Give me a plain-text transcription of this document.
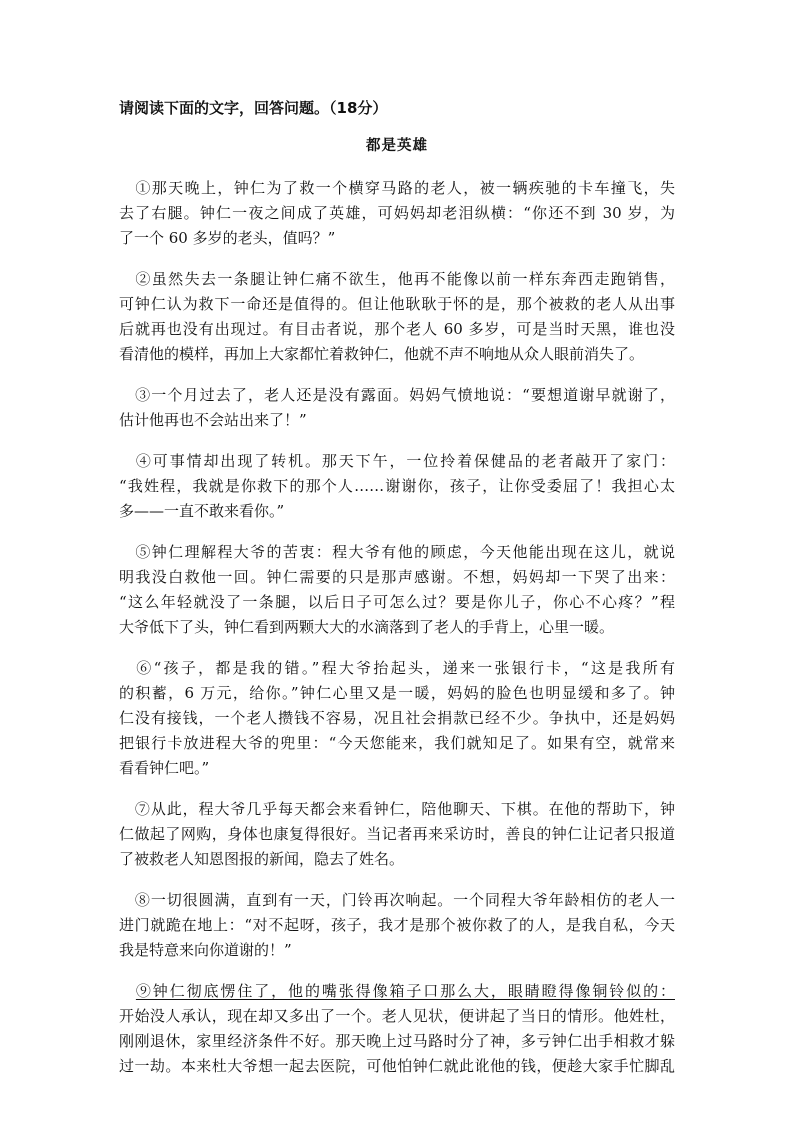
请阅读下面的文字，回答问题。（18分）
都是英雄
　①那天晚上，钟仁为了救一个横穿马路的老人，被一辆疾驰的卡车撞飞，失
去了右腿。钟仁一夜之间成了英雄，可妈妈却老泪纵横：“你还不到 30 岁，为
了一个 60 多岁的老头，值吗？”
　②虽然失去一条腿让钟仁痛不欲生，他再不能像以前一样东奔西走跑销售，
可钟仁认为救下一命还是值得的。但让他耿耿于怀的是，那个被救的老人从出事
后就再也没有出现过。有目击者说，那个老人 60 多岁，可是当时天黑，谁也没
看清他的模样，再加上大家都忙着救钟仁，他就不声不响地从众人眼前消失了。
　③一个月过去了，老人还是没有露面。妈妈气愤地说：“要想道谢早就谢了，
估计他再也不会站出来了！”
　④可事情却出现了转机。那天下午，一位拎着保健品的老者敲开了家门：
“我姓程，我就是你救下的那个人……谢谢你，孩子，让你受委屈了！我担心太
多——一直不敢来看你。”
　⑤钟仁理解程大爷的苦衷：程大爷有他的顾虑，今天他能出现在这儿，就说
明我没白救他一回。钟仁需要的只是那声感谢。不想，妈妈却一下哭了出来：
“这么年轻就没了一条腿，以后日子可怎么过？要是你儿子，你心不心疼？”程
大爷低下了头，钟仁看到两颗大大的水滴落到了老人的手背上，心里一暖。
　⑥“孩子，都是我的错。”程大爷抬起头，递来一张银行卡，“这是我所有
的积蓄，6 万元，给你。”钟仁心里又是一暖，妈妈的脸色也明显缓和多了。钟
仁没有接钱，一个老人攒钱不容易，况且社会捐款已经不少。争执中，还是妈妈
把银行卡放进程大爷的兜里：“今天您能来，我们就知足了。如果有空，就常来
看看钟仁吧。”
　⑦从此，程大爷几乎每天都会来看钟仁，陪他聊天、下棋。在他的帮助下，钟
仁做起了网购，身体也康复得很好。当记者再来采访时，善良的钟仁让记者只报道
了被救老人知恩图报的新闻，隐去了姓名。
　⑧一切很圆满，直到有一天，门铃再次响起。一个同程大爷年龄相仿的老人一
进门就跪在地上：“对不起呀，孩子，我才是那个被你救了的人，是我自私，今天
我是特意来向你道谢的！”
　⑨钟仁彻底愣住了，他的嘴张得像箱子口那么大，眼睛瞪得像铜铃似的：
开始没人承认，现在却又多出了一个。老人见状，便讲起了当日的情形。他姓杜，
刚刚退休，家里经济条件不好。那天晚上过马路时分了神，多亏钟仁出手相救才躲
过一劫。本来杜大爷想一起去医院，可他怕钟仁就此讹他的钱，便趁大家手忙脚乱
